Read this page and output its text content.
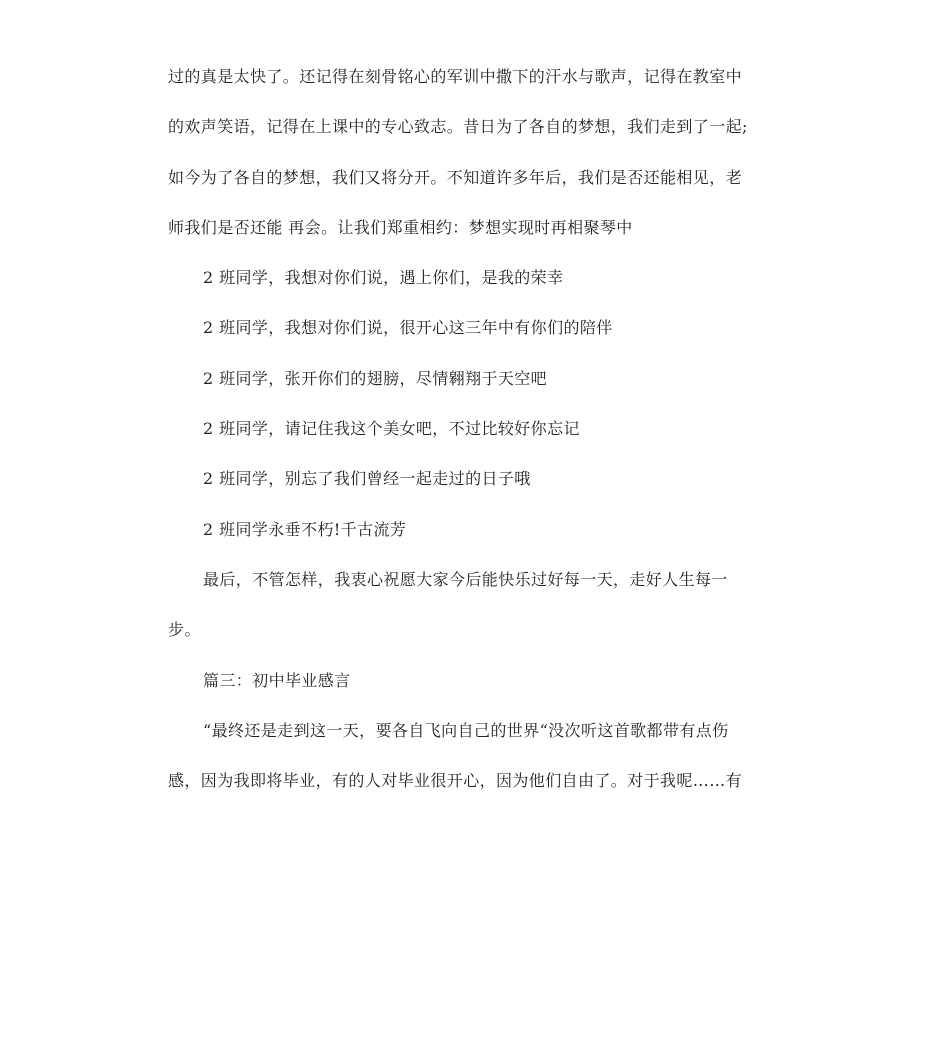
过的真是太快了。还记得在刻骨铭心的军训中撒下的汗水与歌声，记得在教室中
的欢声笑语，记得在上课中的专心致志。昔日为了各自的梦想，我们走到了一起;
如今为了各自的梦想，我们又将分开。不知道许多年后，我们是否还能相见，老
师我们是否还能 再会。让我们郑重相约：梦想实现时再相聚琴中
2 班同学，我想对你们说，遇上你们，是我的荣幸
2 班同学，我想对你们说，很开心这三年中有你们的陪伴
2 班同学，张开你们的翅膀，尽情翱翔于天空吧
2 班同学，请记住我这个美女吧，不过比较好你忘记
2 班同学，别忘了我们曾经一起走过的日子哦
2 班同学永垂不朽!千古流芳
最后，不管怎样，我衷心祝愿大家今后能快乐过好每一天，走好人生每一
步。
篇三：初中毕业感言
“最终还是走到这一天，要各自飞向自己的世界“没次听这首歌都带有点伤
感，因为我即将毕业，有的人对毕业很开心，因为他们自由了。对于我呢……有
